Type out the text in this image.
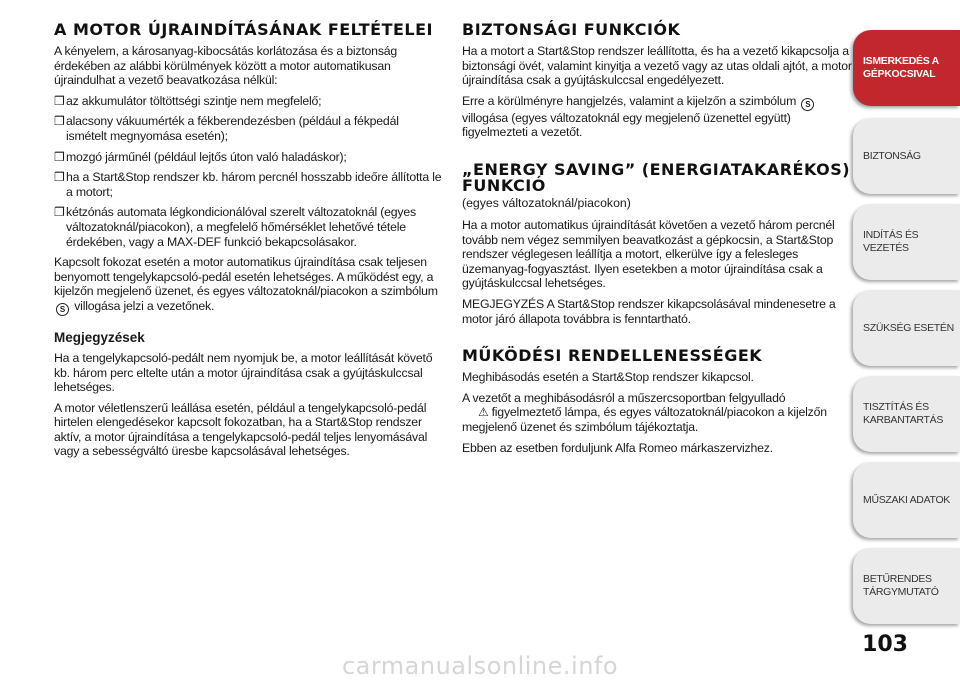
A MOTOR ÚJRAINDÍTÁSÁNAK FELTÉTELEI

A kényelem, a károsanyag-kibocsátás korlátozása és a biztonság érdekében az alábbi körülmények között a motor automatikusan újraindulhat a vezető beavatkozása nélkül:

❒ az akkumulátor töltöttségi szintje nem megfelelő;
❒ alacsony vákuumérték a fékberendezésben (például a fékpedál ismételt megnyomása esetén);
❒ mozgó járműnél (például lejtős úton való haladáskor);
❒ ha a Start&Stop rendszer kb. három percnél hosszabb ideőre állította le a motort;
❒ kétzónás automata légkondicionálóval szerelt változatoknál (egyes változatoknál/piacokon), a megfelelő hőmérséklet lehetővé tétele érdekében, vagy a MAX-DEF funkció bekapcsolásakor.

Kapcsolt fokozat esetén a motor automatikus újraindítása csak teljesen benyomott tengelykapcsoló-pedál esetén lehetséges. A működést egy, a kijelzőn megjelenő üzenet, és egyes változatoknál/piacokon a szimbólum S villogása jelzi a vezetőnek.

Megjegyzések

Ha a tengelykapcsoló-pedált nem nyomjuk be, a motor leállítását követő kb. három perc eltelte után a motor újraindítása csak a gyújtáskulccsal lehetséges.

A motor véletlenszerű leállása esetén, például a tengelykapcsoló-pedál hirtelen elengedésekor kapcsolt fokozatban, ha a Start&Stop rendszer aktív, a motor újraindítása a tengelykapcsoló-pedál teljes lenyomásával vagy a sebességváltó üresbe kapcsolásával lehetséges.

BIZTONSÁGI FUNKCIÓK

Ha a motort a Start&Stop rendszer leállította, és ha a vezető kikapcsolja a biztonsági övét, valamint kinyitja a vezető vagy az utas oldali ajtót, a motor újraindítása csak a gyújtáskulccsal engedélyezett.

Erre a körülményre hangjelzés, valamint a kijelzőn a szimbólum S villogása (egyes változatoknál egy megjelenő üzenettel együtt) figyelmezteti a vezetőt.

„ENERGY SAVING” (ENERGIATAKARÉKOS) FUNKCIÓ
(egyes változatoknál/piacokon)

Ha a motor automatikus újraindítását követően a vezető három percnél tovább nem végez semmilyen beavatkozást a gépkocsin, a Start&Stop rendszer véglegesen leállítja a motort, elkerülve így a felesleges üzemanyag-fogyasztást. Ilyen esetekben a motor újraindítása csak a gyújtáskulccsal lehetséges.

MEGJEGYZÉS A Start&Stop rendszer kikapcsolásával mindenesetre a motor járó állapota továbbra is fenntartható.

MŰKÖDÉSI RENDELLENESSÉGEK

Meghibásodás esetén a Start&Stop rendszer kikapcsol.

A vezetőt a meghibásodásról a műszercsoportban felgyulladó
⚠ figyelmeztető lámpa, és egyes változatoknál/piacokon a kijelzőn megjelenő üzenet és szimbólum tájékoztatja.

Ebben az esetben forduljunk Alfa Romeo márkaszervizhez.

ISMERKEDÉS A GÉPKOCSIVAL
BIZTONSÁG
INDÍTÁS ÉS VEZETÉS
SZÜKSÉG ESETÉN
TISZTÍTÁS ÉS KARBANTARTÁS
MŰSZAKI ADATOK
BETŰRENDES TÁRGYMUTATÓ
103
carmanualsonline.info
